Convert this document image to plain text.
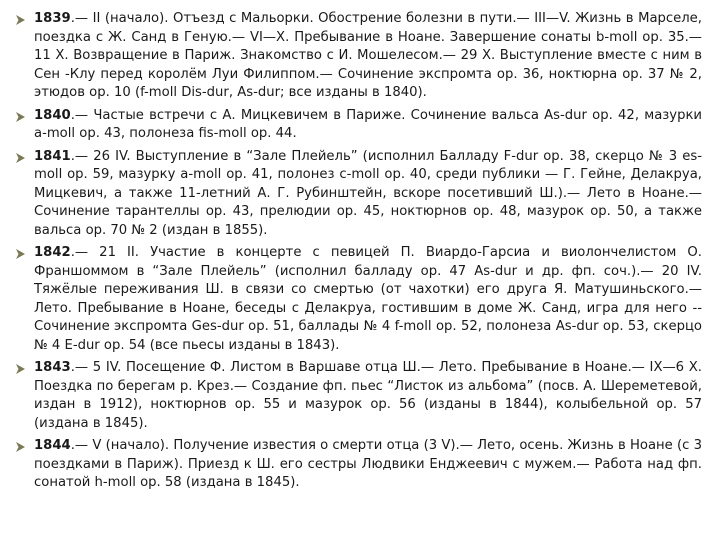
1839.— II (начало). Отъезд с Мальорки. Обострение болезни в пути.— III—V. Жизнь в Марселе, поездка с Ж. Санд в Геную.— VI—X. Пребывание в Ноане. Завершение сонаты b-moll ор. 35.—11 X. Возвращение в Париж. Знакомство с И. Мошелесом.— 29 X. Выступление вместе с ним в Сен -Клу перед королём Луи Филиппом.— Сочинение экспромта ор. 36, ноктюрна ор. 37 № 2, этюдов ор. 10 (f-moll Dis-dur, As-dur; все изданы в 1840).
1840.— Частые встречи с А. Мицкевичем в Париже. Сочинение вальса As-dur ор. 42, мазурки a-moll ор. 43, полонеза fis-moll ор. 44.
1841.— 26 IV. Выступление в “Зале Плейель” (исполнил Балладу F-dur ор. 38, скерцо № 3 es-moll ор. 59, мазурку a-moll ор. 41, полонез c-moll ор. 40, среди публики — Г. Гейне, Делакруа, Мицкевич, а также 11-летний А. Г. Рубинштейн, вскоре посетивший Ш.).— Лето в Ноане.— Сочинение тарантеллы ор. 43, прелюдии ор. 45, ноктюрнов ор. 48, мазурок ор. 50, а также вальса ор. 70 № 2 (издан в 1855).
1842.— 21 II. Участие в концерте с певицей П. Виардо-Гарсиа и виолончелистом О. Франшоммом в “Зале Плейель” (исполнил балладу ор. 47 As-dur и др. фп. соч.).— 20 IV. Тяжёлые переживания Ш. в связи со смертью (от чахотки) его друга Я. Матушиньского.— Лето. Пребывание в Ноане, беседы с Делакруа, гостившим в доме Ж. Санд, игра для него -- Сочинение экспромта Ges-dur ор. 51, баллады № 4 f-moll ор. 52, полонеза As-dur ор. 53, скерцо № 4 E-dur ор. 54 (все пьесы изданы в 1843).
1843.— 5 IV. Посещение Ф. Листом в Варшаве отца Ш.— Лето. Пребывание в Ноане.— IX—6 X. Поездка по берегам р. Крез.— Создание фп. пьес “Листок из альбома” (посв. А. Шереметевой, издан в 1912), ноктюрнов ор. 55 и мазурок ор. 56 (изданы в 1844), колыбельной ор. 57 (издана в 1845).
1844.— V (начало). Получение известия о смерти отца (3 V).— Лето, осень. Жизнь в Ноане (с 3 поездками в Париж). Приезд к Ш. его сестры Людвики Енджеевич с мужем.— Работа над фп. сонатой h-moll ор. 58 (издана в 1845).
